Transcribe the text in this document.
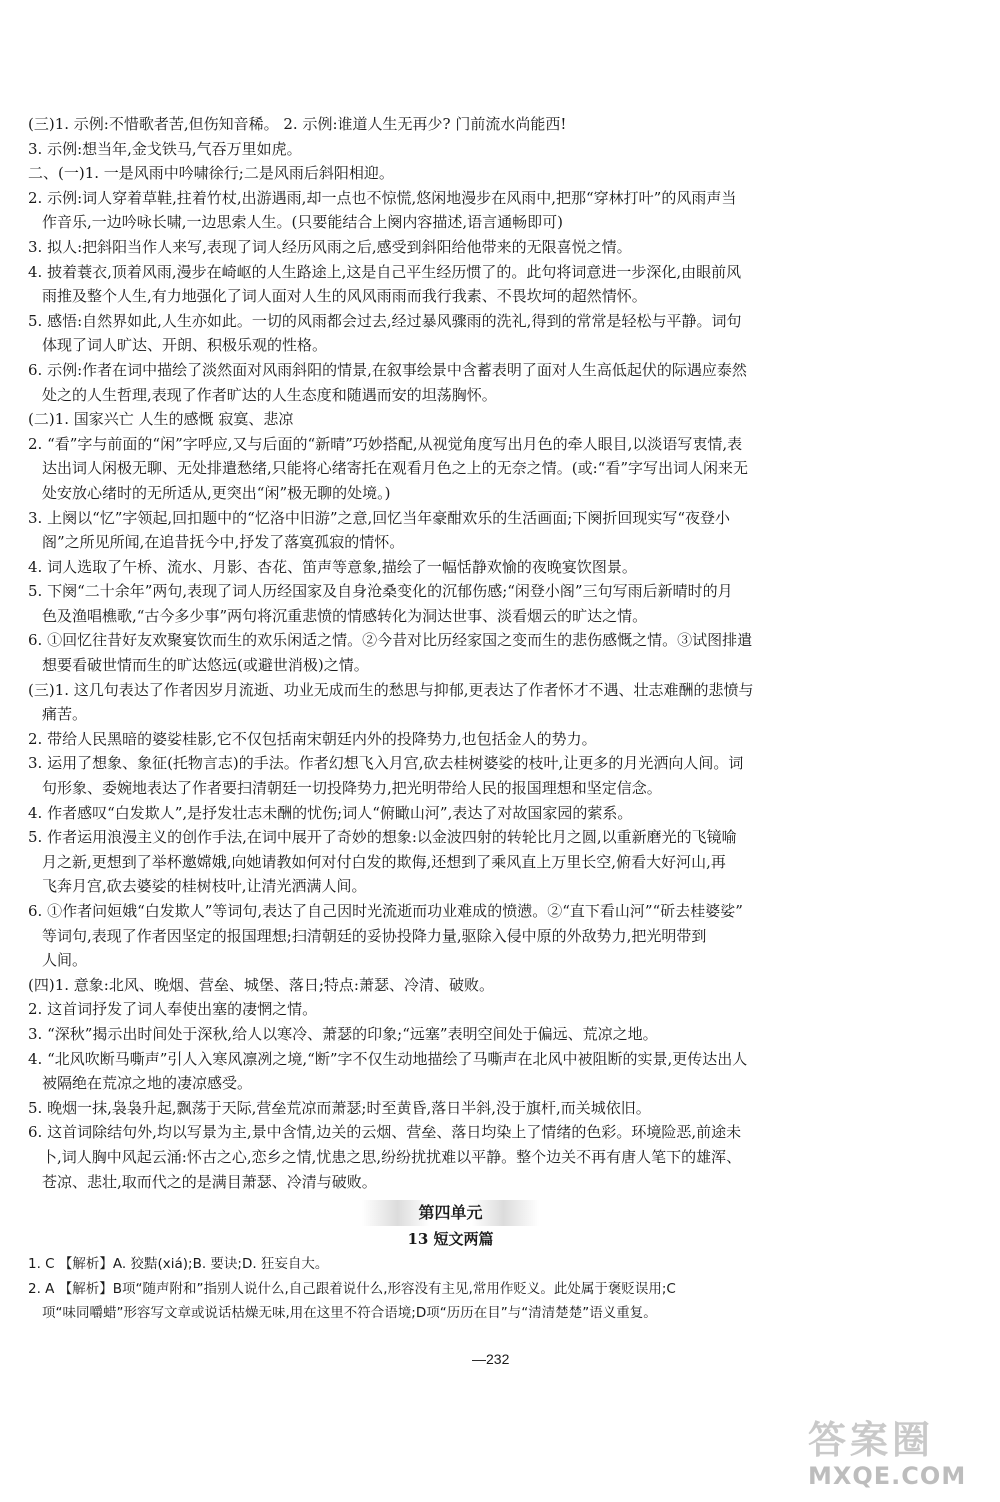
(三)1. 示例:不惜歌者苦,但伤知音稀。 2. 示例:谁道人生无再少? 门前流水尚能西!
3. 示例:想当年,金戈铁马,气吞万里如虎。
二、(一)1. 一是风雨中吟啸徐行;二是风雨后斜阳相迎。
2. 示例:词人穿着草鞋,拄着竹杖,出游遇雨,却一点也不惊慌,悠闲地漫步在风雨中,把那“穿林打叶”的风雨声当
作音乐,一边吟咏长啸,一边思索人生。(只要能结合上阕内容描述,语言通畅即可)
3. 拟人:把斜阳当作人来写,表现了词人经历风雨之后,感受到斜阳给他带来的无限喜悦之情。
4. 披着蓑衣,顶着风雨,漫步在崎岖的人生路途上,这是自己平生经历惯了的。此句将词意进一步深化,由眼前风
雨推及整个人生,有力地强化了词人面对人生的风风雨雨而我行我素、不畏坎坷的超然情怀。
5. 感悟:自然界如此,人生亦如此。一切的风雨都会过去,经过暴风骤雨的洗礼,得到的常常是轻松与平静。词句
体现了词人旷达、开朗、积极乐观的性格。
6. 示例:作者在词中描绘了淡然面对风雨斜阳的情景,在叙事绘景中含蓄表明了面对人生高低起伏的际遇应泰然
处之的人生哲理,表现了作者旷达的人生态度和随遇而安的坦荡胸怀。
(二)1. 国家兴亡 人生的感慨 寂寞、悲凉
2. “看”字与前面的“闲”字呼应,又与后面的“新晴”巧妙搭配,从视觉角度写出月色的牵人眼目,以淡语写衷情,表
达出词人闲极无聊、无处排遣愁绪,只能将心绪寄托在观看月色之上的无奈之情。(或:“看”字写出词人闲来无
处安放心绪时的无所适从,更突出“闲”极无聊的处境。)
3. 上阕以“忆”字领起,回扣题中的“忆洛中旧游”之意,回忆当年豪酣欢乐的生活画面;下阕折回现实写“夜登小
阁”之所见所闻,在追昔抚今中,抒发了落寞孤寂的情怀。
4. 词人选取了午桥、流水、月影、杏花、笛声等意象,描绘了一幅恬静欢愉的夜晚宴饮图景。
5. 下阕“二十余年”两句,表现了词人历经国家及自身沧桑变化的沉郁伤感;“闲登小阁”三句写雨后新晴时的月
色及渔唱樵歌,“古今多少事”两句将沉重悲愤的情感转化为洞达世事、淡看烟云的旷达之情。
6. ①回忆往昔好友欢聚宴饮而生的欢乐闲适之情。②今昔对比历经家国之变而生的悲伤感慨之情。③试图排遣
想要看破世情而生的旷达悠远(或避世消极)之情。
(三)1. 这几句表达了作者因岁月流逝、功业无成而生的愁思与抑郁,更表达了作者怀才不遇、壮志难酬的悲愤与
痛苦。
2. 带给人民黑暗的婆娑桂影,它不仅包括南宋朝廷内外的投降势力,也包括金人的势力。
3. 运用了想象、象征(托物言志)的手法。作者幻想飞入月宫,砍去桂树婆娑的枝叶,让更多的月光洒向人间。词
句形象、委婉地表达了作者要扫清朝廷一切投降势力,把光明带给人民的报国理想和坚定信念。
4. 作者感叹“白发欺人”,是抒发壮志未酬的忧伤;词人“俯瞰山河”,表达了对故国家园的萦系。
5. 作者运用浪漫主义的创作手法,在词中展开了奇妙的想象:以金波四射的转轮比月之圆,以重新磨光的飞镜喻
月之新,更想到了举杯邀嫦娥,向她请教如何对付白发的欺侮,还想到了乘风直上万里长空,俯看大好河山,再
飞奔月宫,砍去婆娑的桂树枝叶,让清光洒满人间。
6. ①作者问姮娥“白发欺人”等词句,表达了自己因时光流逝而功业难成的愤懑。②“直下看山河”“斫去桂婆娑”
等词句,表现了作者因坚定的报国理想;扫清朝廷的妥协投降力量,驱除入侵中原的外敌势力,把光明带到
人间。
(四)1. 意象:北风、晚烟、营垒、城堡、落日;特点:萧瑟、冷清、破败。
2. 这首词抒发了词人奉使出塞的凄惘之情。
3. “深秋”揭示出时间处于深秋,给人以寒冷、萧瑟的印象;“远塞”表明空间处于偏远、荒凉之地。
4. “北风吹断马嘶声”引人入寒风凛冽之境,“断”字不仅生动地描绘了马嘶声在北风中被阻断的实景,更传达出人
被隔绝在荒凉之地的凄凉感受。
5. 晚烟一抹,袅袅升起,飘荡于天际,营垒荒凉而萧瑟;时至黄昏,落日半斜,没于旗杆,而关城依旧。
6. 这首词除结句外,均以写景为主,景中含情,边关的云烟、营垒、落日均染上了情绪的色彩。环境险恶,前途未
卜,词人胸中风起云涌:怀古之心,恋乡之情,忧患之思,纷纷扰扰难以平静。整个边关不再有唐人笔下的雄浑、
苍凉、悲壮,取而代之的是满目萧瑟、冷清与破败。
第四单元
13 短文两篇
1. C 【解析】A. 狡黠(xiá);B. 要诀;D. 狂妄自大。
2. A 【解析】B项“随声附和”指别人说什么,自己跟着说什么,形容没有主见,常用作贬义。此处属于褒贬误用;C
项“味同嚼蜡”形容写文章或说话枯燥无味,用在这里不符合语境;D项“历历在目”与“清清楚楚”语义重复。
—232
答案圈
MXQE.COM
